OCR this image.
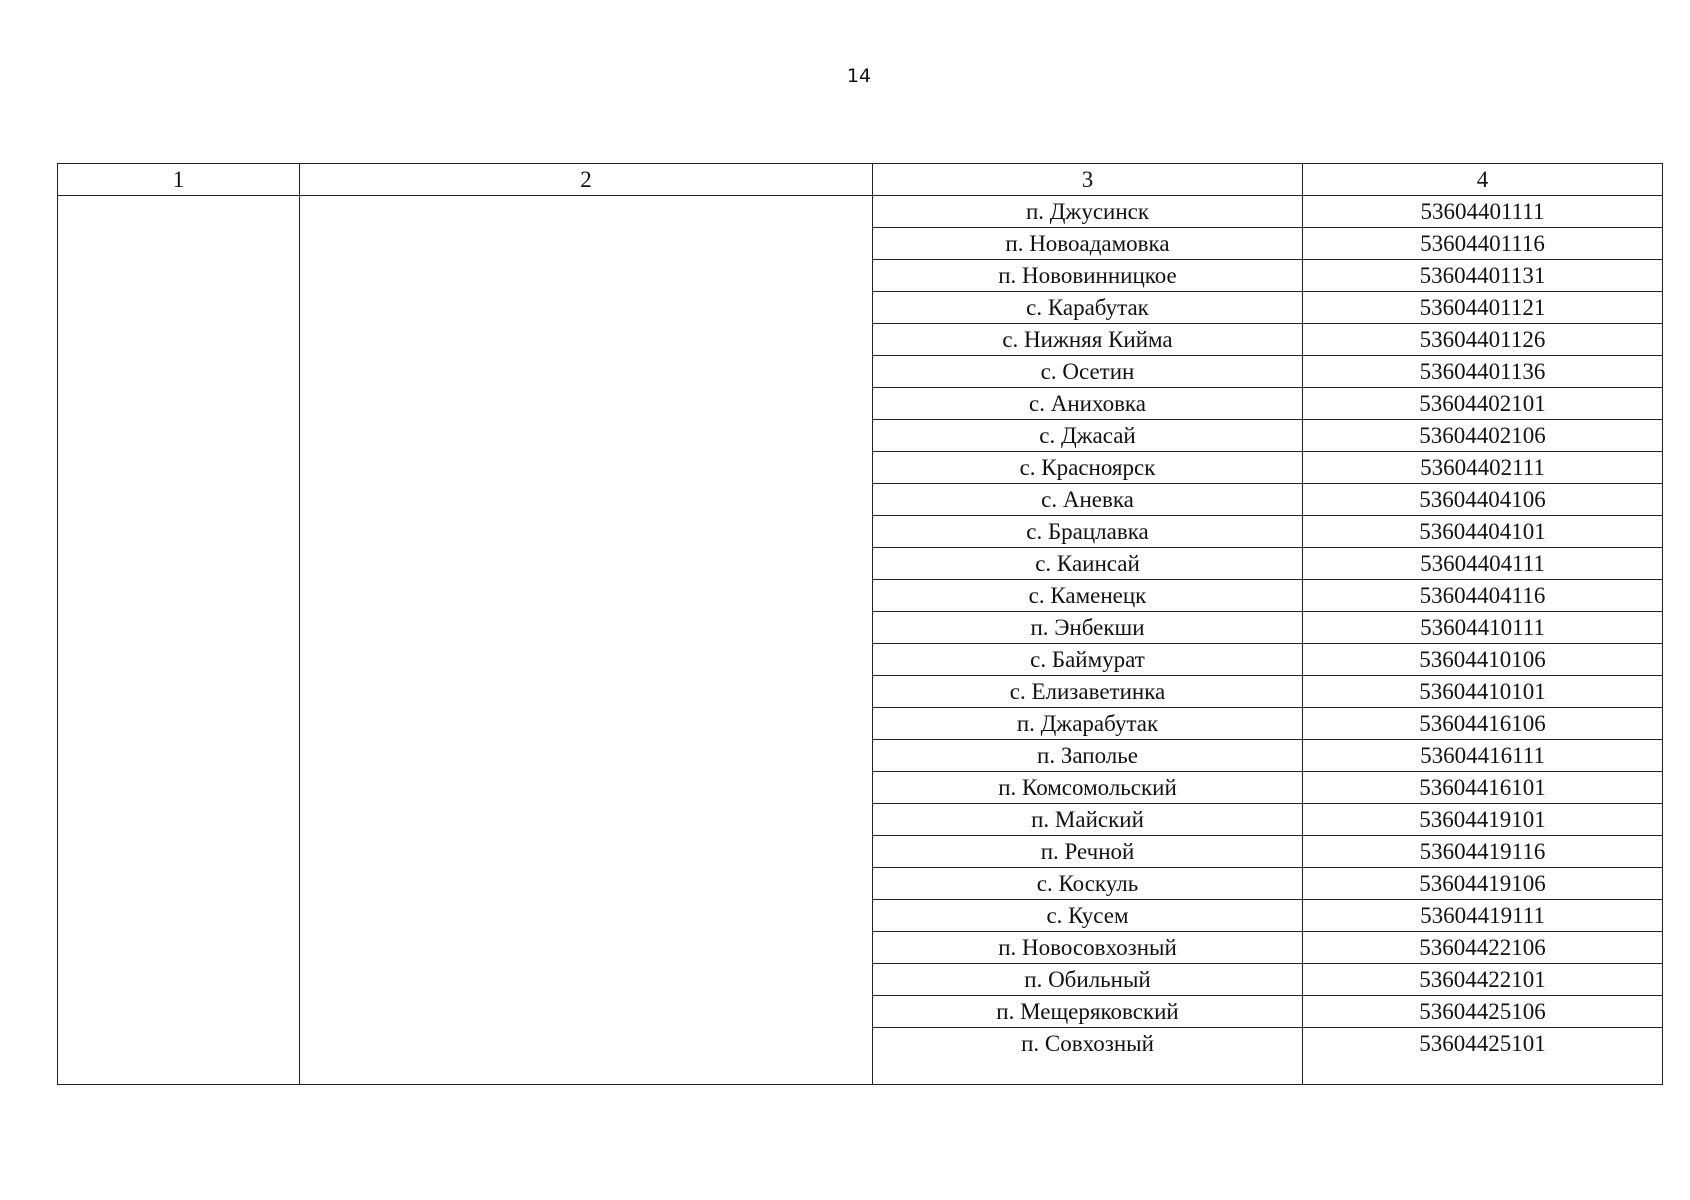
14
1	2	3	4
		п. Джусинск	53604401111
		п. Новоадамовка	53604401116
		п. Нововинницкое	53604401131
		с. Карабутак	53604401121
		с. Нижняя Кийма	53604401126
		с. Осетин	53604401136
		с. Аниховка	53604402101
		с. Джасай	53604402106
		с. Красноярск	53604402111
		с. Аневка	53604404106
		с. Брацлавка	53604404101
		с. Каинсай	53604404111
		с. Каменецк	53604404116
		п. Энбекши	53604410111
		с. Баймурат	53604410106
		с. Елизаветинка	53604410101
		п. Джарабутак	53604416106
		п. Заполье	53604416111
		п. Комсомольский	53604416101
		п. Майский	53604419101
		п. Речной	53604419116
		с. Коскуль	53604419106
		с. Кусем	53604419111
		п. Новосовхозный	53604422106
		п. Обильный	53604422101
		п. Мещеряковский	53604425106
		п. Совхозный	53604425101
